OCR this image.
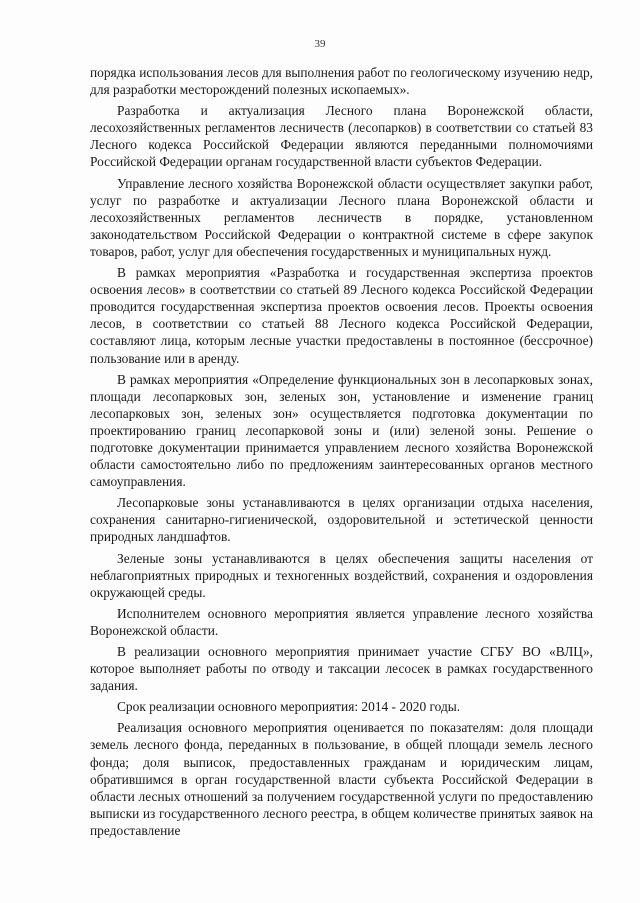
39

порядка использования лесов для выполнения работ по геологическому изучению недр, для разработки месторождений полезных ископаемых».

Разработка и актуализация Лесного плана Воронежской области, лесохозяйственных регламентов лесничеств (лесопарков) в соответствии со статьей 83 Лесного кодекса Российской Федерации являются переданными полномочиями Российской Федерации органам государственной власти субъектов Федерации.

Управление лесного хозяйства Воронежской области осуществляет закупки работ, услуг по разработке и актуализации Лесного плана Воронежской области и лесохозяйственных регламентов лесничеств в порядке, установленном законодательством Российской Федерации о контрактной системе в сфере закупок товаров, работ, услуг для обеспечения государственных и муниципальных нужд.

В рамках мероприятия «Разработка и государственная экспертиза проектов освоения лесов» в соответствии со статьей 89 Лесного кодекса Российской Федерации проводится государственная экспертиза проектов освоения лесов. Проекты освоения лесов, в соответствии со статьей 88 Лесного кодекса Российской Федерации, составляют лица, которым лесные участки предоставлены в постоянное (бессрочное) пользование или в аренду.

В рамках мероприятия «Определение функциональных зон в лесопарковых зонах, площади лесопарковых зон, зеленых зон, установление и изменение границ лесопарковых зон, зеленых зон» осуществляется подготовка документации по проектированию границ лесопарковой зоны и (или) зеленой зоны. Решение о подготовке документации принимается управлением лесного хозяйства Воронежской области самостоятельно либо по предложениям заинтересованных органов местного самоуправления.

Лесопарковые зоны устанавливаются в целях организации отдыха населения, сохранения санитарно-гигиенической, оздоровительной и эстетической ценности природных ландшафтов.

Зеленые зоны устанавливаются в целях обеспечения защиты населения от неблагоприятных природных и техногенных воздействий, сохранения и оздоровления окружающей среды.

Исполнителем основного мероприятия является управление лесного хозяйства Воронежской области.

В реализации основного мероприятия принимает участие СГБУ ВО «ВЛЦ», которое выполняет работы по отводу и таксации лесосек в рамках государственного задания.

Срок реализации основного мероприятия: 2014 - 2020 годы.

Реализация основного мероприятия оценивается по показателям: доля площади земель лесного фонда, переданных в пользование, в общей площади земель лесного фонда; доля выписок, предоставленных гражданам и юридическим лицам, обратившимся в орган государственной власти субъекта Российской Федерации в области лесных отношений за получением государственной услуги по предоставлению выписки из государственного лесного реестра, в общем количестве принятых заявок на предоставление
